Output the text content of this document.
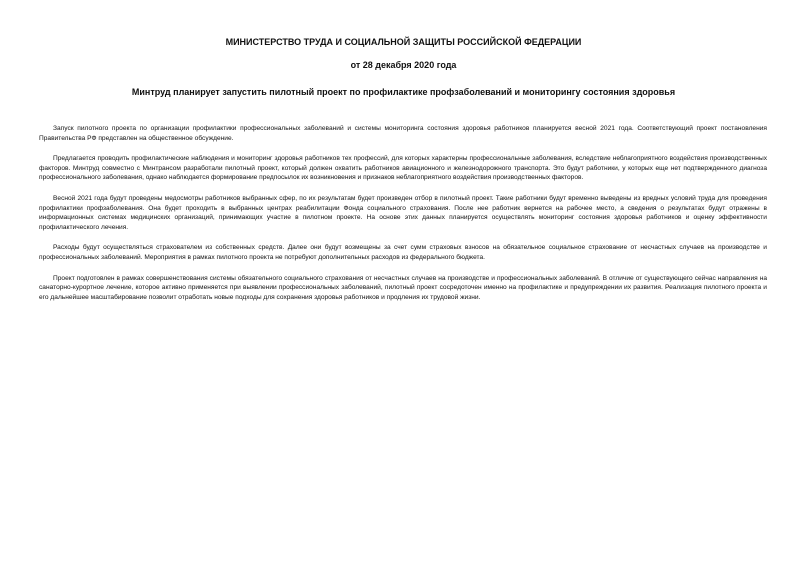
МИНИСТЕРСТВО ТРУДА И СОЦИАЛЬНОЙ ЗАЩИТЫ РОССИЙСКОЙ ФЕДЕРАЦИИ
от 28 декабря 2020 года
Минтруд планирует запустить пилотный проект по профилактике профзаболеваний и мониторингу состояния здоровья

Запуск пилотного проекта по организации профилактики профессиональных заболеваний и системы мониторинга состояния здоровья работников планируется весной 2021 года. Соответствующий проект постановления Правительства РФ представлен на общественное обсуждение.

Предлагается проводить профилактические наблюдения и мониторинг здоровья работников тех профессий, для которых характерны профессиональные заболевания, вследствие неблагоприятного воздействия производственных факторов. Минтруд совместно с Минтрансом разработали пилотный проект, который должен охватить работников авиационного и железнодорожного транспорта. Это будут работники, у которых еще нет подтвержденного диагноза профессионального заболевания, однако наблюдается формирование предпосылок их возникновения и признаков неблагоприятного воздействия производственных факторов.

Весной 2021 года будут проведены медосмотры работников выбранных сфер, по их результатам будет произведен отбор в пилотный проект. Такие работники будут временно выведены из вредных условий труда для проведения профилактики профзаболевания. Она будет проходить в выбранных центрах реабилитации Фонда социального страхования. После нее работник вернется на рабочее место, а сведения о результатах будут отражены в информационных системах медицинских организаций, принимающих участие в пилотном проекте. На основе этих данных планируется осуществлять мониторинг состояния здоровья работников и оценку эффективности профилактического лечения.

Расходы будут осуществляться страхователем из собственных средств. Далее они будут возмещены за счет сумм страховых взносов на обязательное социальное страхование от несчастных случаев на производстве и профессиональных заболеваний. Мероприятия в рамках пилотного проекта не потребуют дополнительных расходов из федерального бюджета.

Проект подготовлен в рамках совершенствования системы обязательного социального страхования от несчастных случаев на производстве и профессиональных заболеваний. В отличие от существующего сейчас направления на санаторно-курортное лечение, которое активно применяется при выявлении профессиональных заболеваний, пилотный проект сосредоточен именно на профилактике и предупреждении их развития. Реализация пилотного проекта и его дальнейшее масштабирование позволит отработать новые подходы для сохранения здоровья работников и продления их трудовой жизни.
